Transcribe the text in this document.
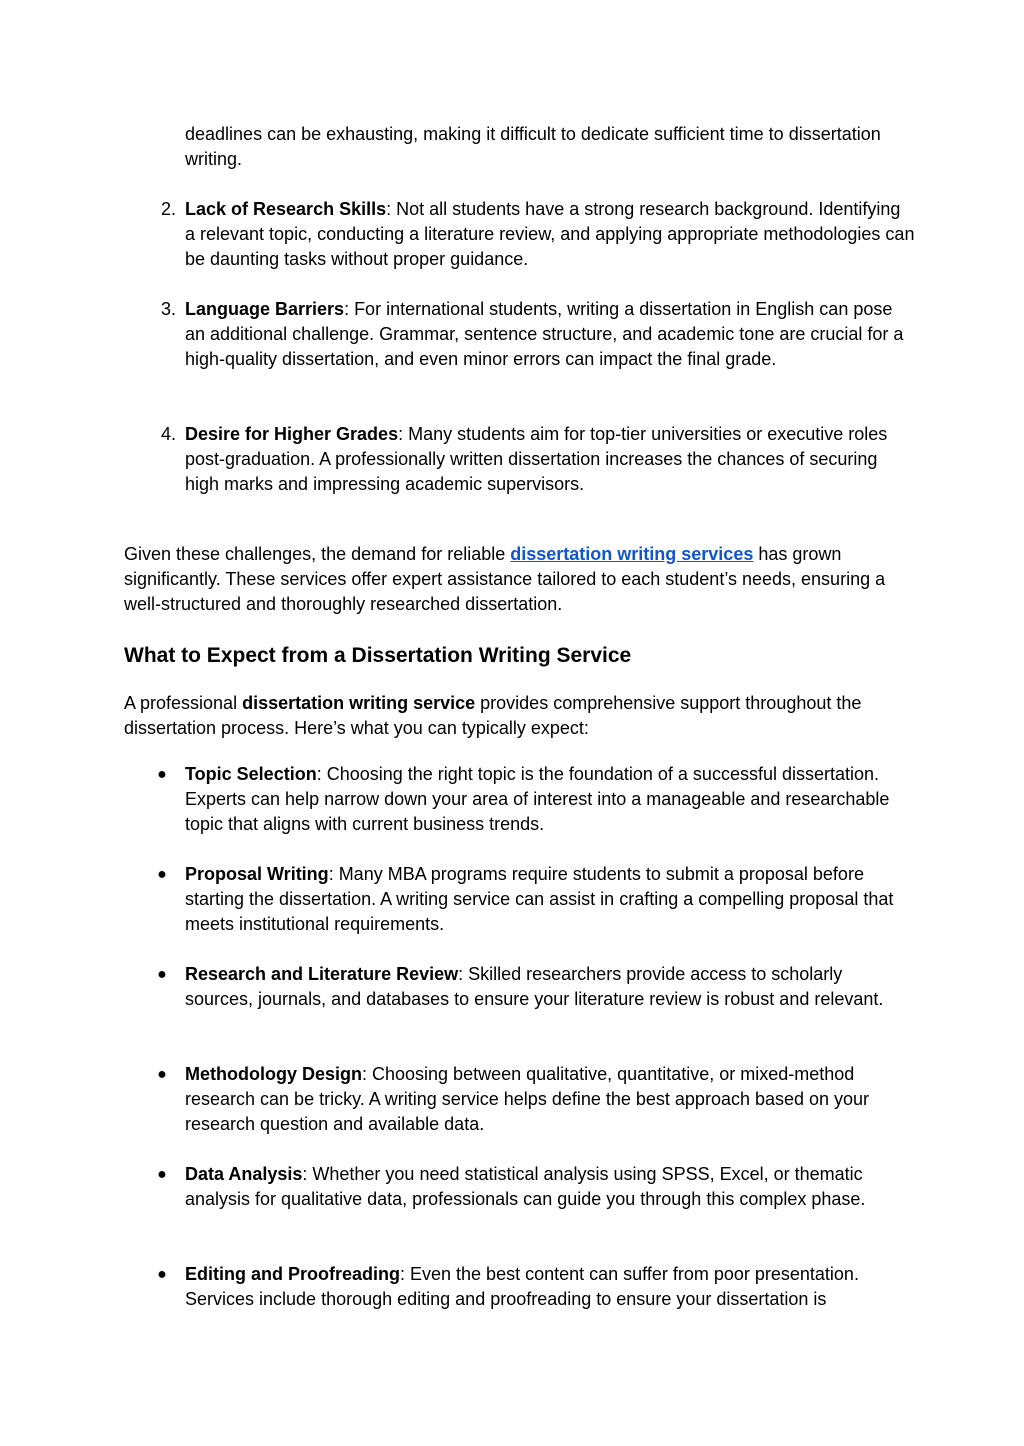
deadlines can be exhausting, making it difficult to dedicate sufficient time to dissertation writing.

2. Lack of Research Skills: Not all students have a strong research background. Identifying a relevant topic, conducting a literature review, and applying appropriate methodologies can be daunting tasks without proper guidance.

3. Language Barriers: For international students, writing a dissertation in English can pose an additional challenge. Grammar, sentence structure, and academic tone are crucial for a high-quality dissertation, and even minor errors can impact the final grade.

4. Desire for Higher Grades: Many students aim for top-tier universities or executive roles post-graduation. A professionally written dissertation increases the chances of securing high marks and impressing academic supervisors.

Given these challenges, the demand for reliable dissertation writing services has grown significantly. These services offer expert assistance tailored to each student’s needs, ensuring a well-structured and thoroughly researched dissertation.

What to Expect from a Dissertation Writing Service

A professional dissertation writing service provides comprehensive support throughout the dissertation process. Here’s what you can typically expect:

●	Topic Selection: Choosing the right topic is the foundation of a successful dissertation. Experts can help narrow down your area of interest into a manageable and researchable topic that aligns with current business trends.

●	Proposal Writing: Many MBA programs require students to submit a proposal before starting the dissertation. A writing service can assist in crafting a compelling proposal that meets institutional requirements.

●	Research and Literature Review: Skilled researchers provide access to scholarly sources, journals, and databases to ensure your literature review is robust and relevant.

●	Methodology Design: Choosing between qualitative, quantitative, or mixed-method research can be tricky. A writing service helps define the best approach based on your research question and available data.

●	Data Analysis: Whether you need statistical analysis using SPSS, Excel, or thematic analysis for qualitative data, professionals can guide you through this complex phase.

●	Editing and Proofreading: Even the best content can suffer from poor presentation. Services include thorough editing and proofreading to ensure your dissertation is
